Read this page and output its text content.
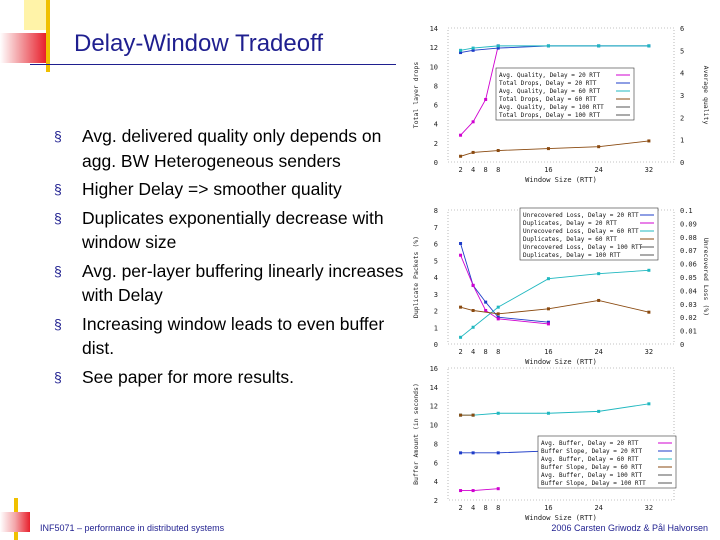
Delay-Window Tradeoff
§ Avg. delivered quality only depends on agg. BW Heterogeneous senders
§ Higher Delay => smoother quality
§ Duplicates exponentially decrease with window size
§ Avg. per-layer buffering linearly increases with Delay
§ Increasing window leads to even buffer dist.
§ See paper for more results.
14
12
10
8
6
4
2
0
6
5
4
3
2
1
0
2 4 8 8	16	24	32
Window Size (RTT)
Total layer drops	Average quality
Avg. Quality, Delay = 20 RTT
Total Drops, Delay = 20 RTT
Avg. Quality, Delay = 60 RTT
Total Drops, Delay = 60 RTT
Avg. Quality, Delay = 100 RTT
Total Drops, Delay = 100 RTT
8
7
6
5
4
3
2
1
0
0.1
0.09
0.08
0.07
0.06
0.05
0.04
0.03
0.02
0.01
0
2 4 8 8	16	24	32
Window Size (RTT)
Duplicate Packets (%)	Unrecovered Loss (%)
Unrecovered Loss, Delay = 20 RTT
Duplicates, Delay = 20 RTT
Unrecovered Loss, Delay = 60 RTT
Duplicates, Delay = 60 RTT
Unrecovered Loss, Delay = 100 RTT
Duplicates, Delay = 100 RTT
16
14
12
10
8
6
4
2
2 4 8 8	16	24	32
Window Size (RTT)
Buffer Amount (in seconds)	Avg. Buffer, Delay = 20 RTT
Buffer Slope, Delay = 20 RTT
Avg. Buffer, Delay = 60 RTT
Buffer Slope, Delay = 60 RTT
Avg. Buffer, Delay = 100 RTT
Buffer Slope, Delay = 100 RTT
INF5071 – performance in distributed systems	2006 Carsten Griwodz & Pål Halvorsen
